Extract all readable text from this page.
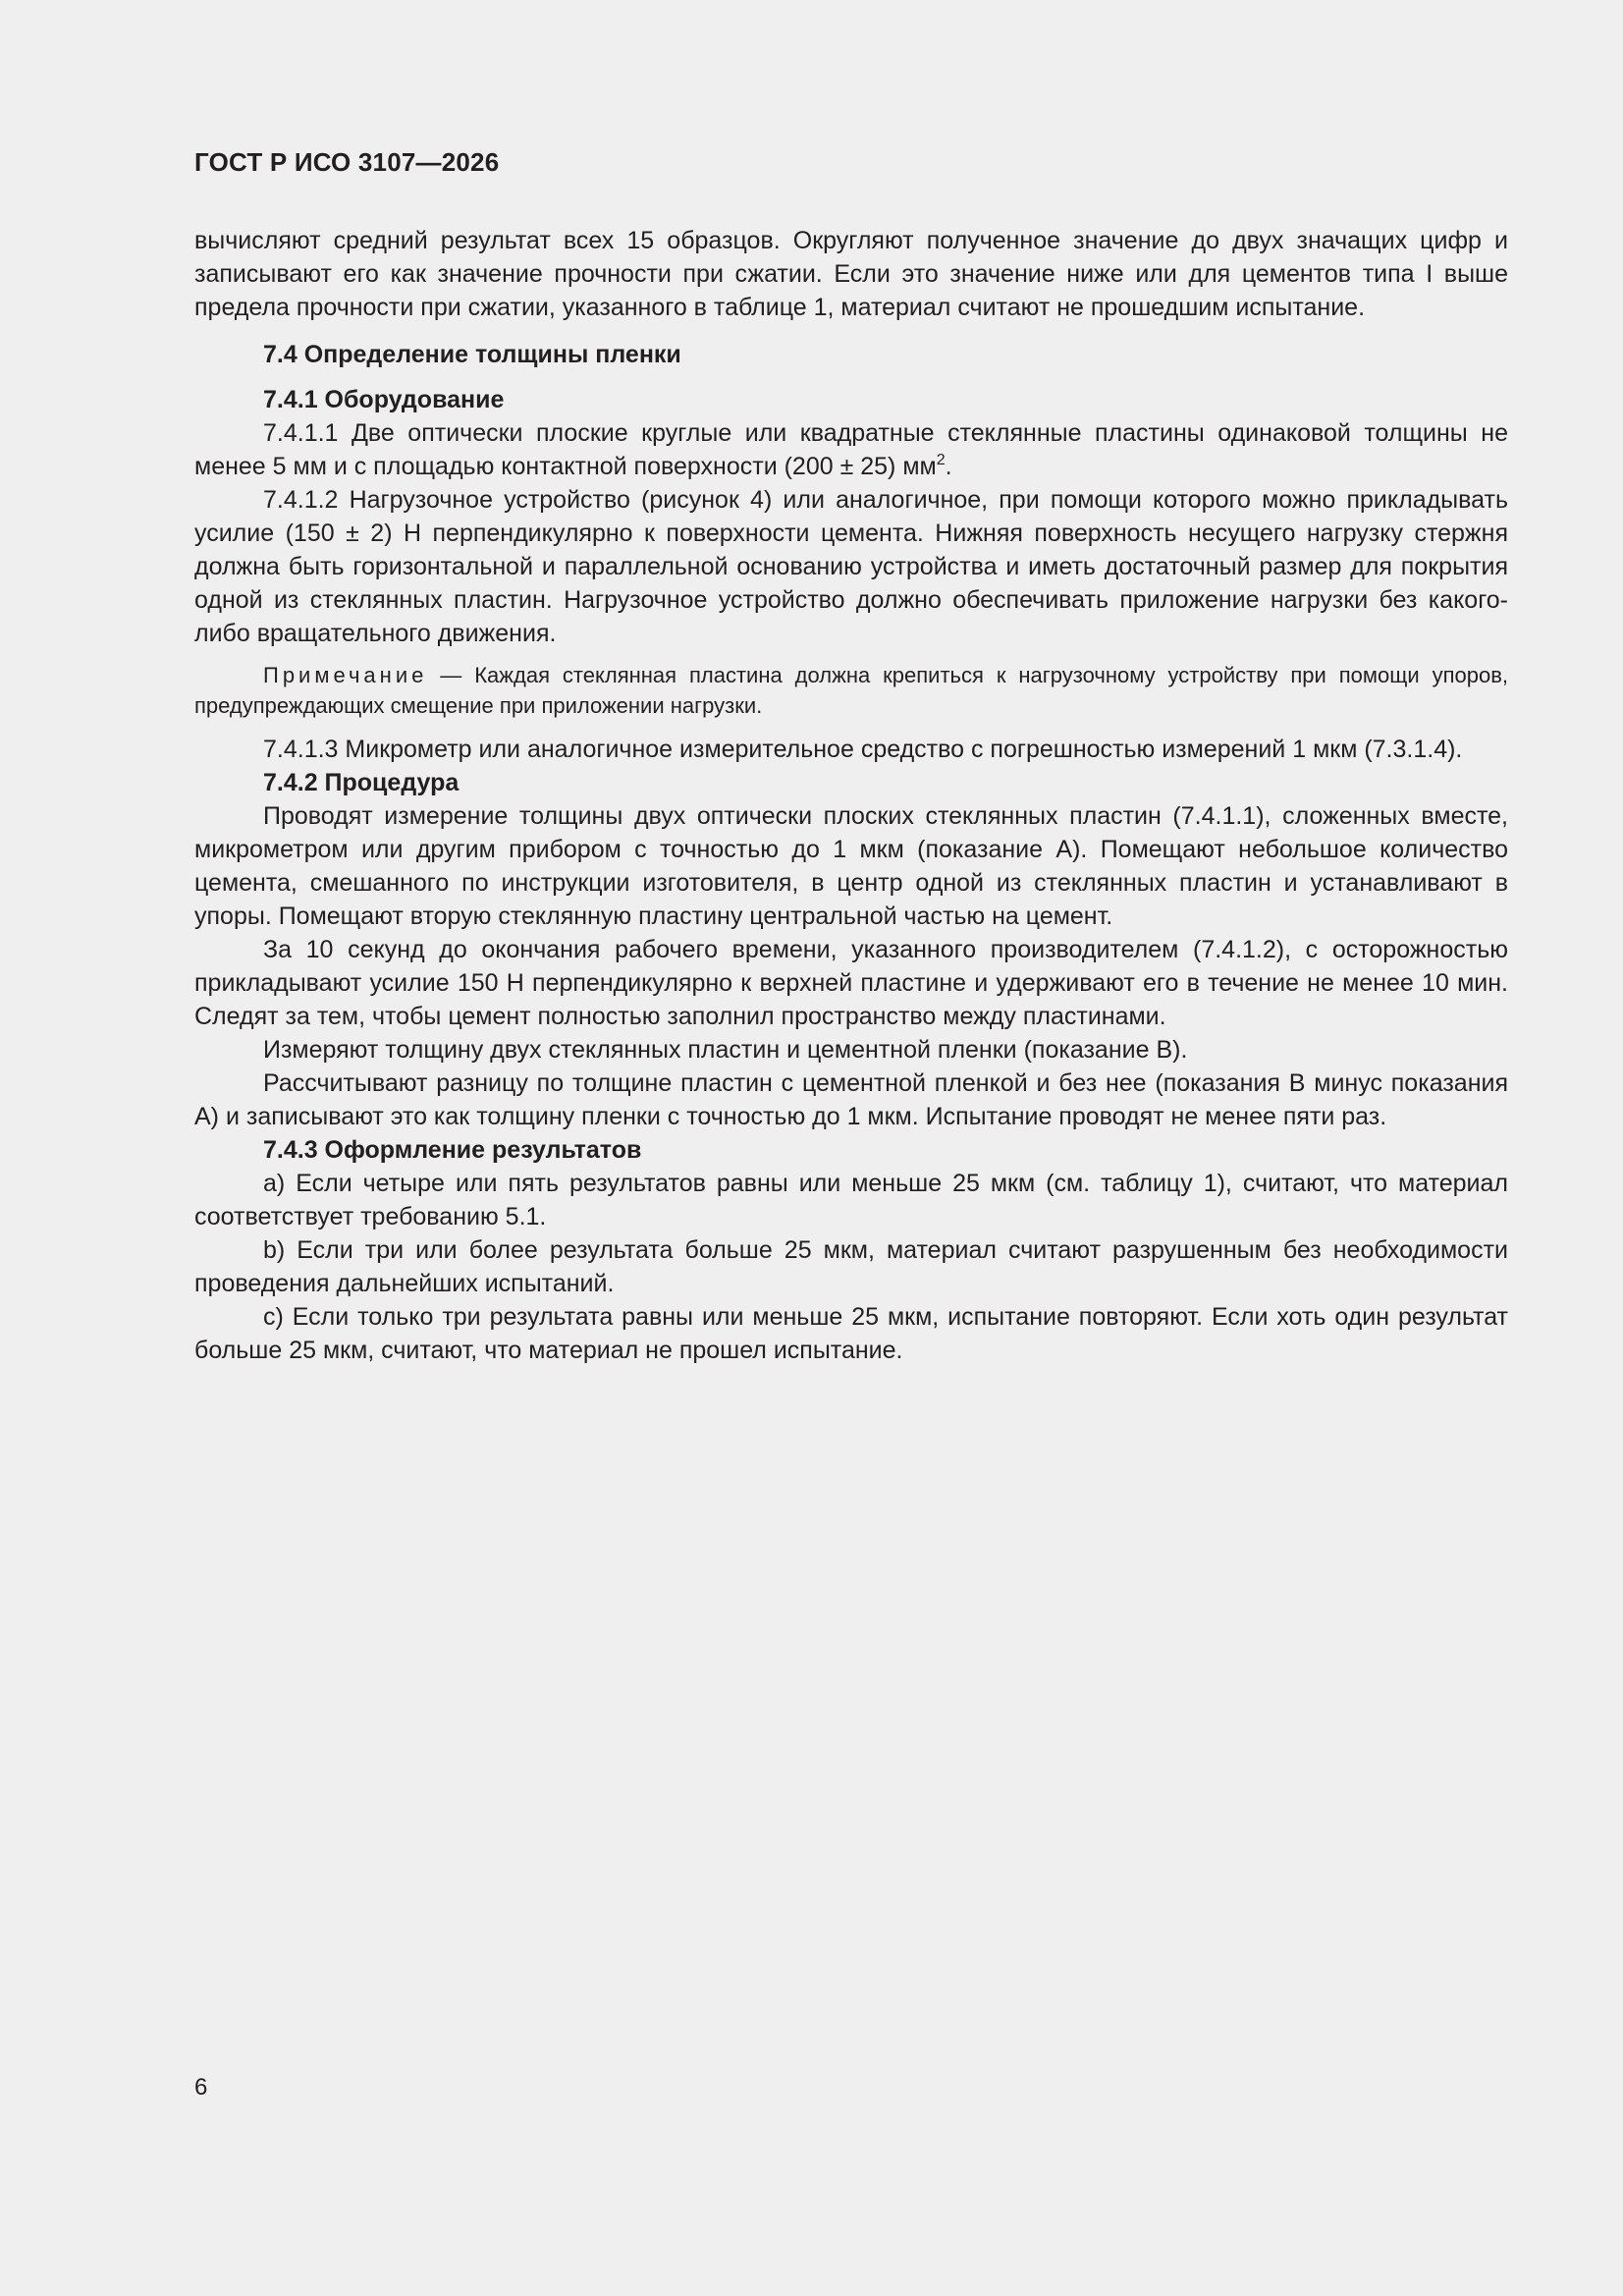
ГОСТ Р ИСО 3107—2026

вычисляют средний результат всех 15 образцов. Округляют полученное значение до двух значащих цифр и записывают его как значение прочности при сжатии. Если это значение ниже или для цементов типа I выше предела прочности при сжатии, указанного в таблице 1, материал считают не прошедшим испытание.

7.4 Определение толщины пленки

7.4.1 Оборудование

7.4.1.1 Две оптически плоские круглые или квадратные стеклянные пластины одинаковой толщины не менее 5 мм и с площадью контактной поверхности (200 ± 25) $мм^2$.

7.4.1.2 Нагрузочное устройство (рисунок 4) или аналогичное, при помощи которого можно прикладывать усилие (150 ± 2) Н перпендикулярно к поверхности цемента. Нижняя поверхность несущего нагрузку стержня должна быть горизонтальной и параллельной основанию устройства и иметь достаточный размер для покрытия одной из стеклянных пластин. Нагрузочное устройство должно обеспечивать приложение нагрузки без какого-либо вращательного движения.

Примечание — Каждая стеклянная пластина должна крепиться к нагрузочному устройству при помощи упоров, предупреждающих смещение при приложении нагрузки.

7.4.1.3 Микрометр или аналогичное измерительное средство с погрешностью измерений 1 мкм (7.3.1.4).

7.4.2 Процедура

Проводят измерение толщины двух оптически плоских стеклянных пластин (7.4.1.1), сложенных вместе, микрометром или другим прибором с точностью до 1 мкм (показание А). Помещают небольшое количество цемента, смешанного по инструкции изготовителя, в центр одной из стеклянных пластин и устанавливают в упоры. Помещают вторую стеклянную пластину центральной частью на цемент.

За 10 секунд до окончания рабочего времени, указанного производителем (7.4.1.2), с осторожностью прикладывают усилие 150 Н перпендикулярно к верхней пластине и удерживают его в течение не менее 10 мин. Следят за тем, чтобы цемент полностью заполнил пространство между пластинами.

Измеряют толщину двух стеклянных пластин и цементной пленки (показание В).

Рассчитывают разницу по толщине пластин с цементной пленкой и без нее (показания В минус показания А) и записывают это как толщину пленки с точностью до 1 мкм. Испытание проводят не менее пяти раз.

7.4.3 Оформление результатов

a) Если четыре или пять результатов равны или меньше 25 мкм (см. таблицу 1), считают, что материал соответствует требованию 5.1.

b) Если три или более результата больше 25 мкм, материал считают разрушенным без необходимости проведения дальнейших испытаний.

c) Если только три результата равны или меньше 25 мкм, испытание повторяют. Если хоть один результат больше 25 мкм, считают, что материал не прошел испытание.

6
